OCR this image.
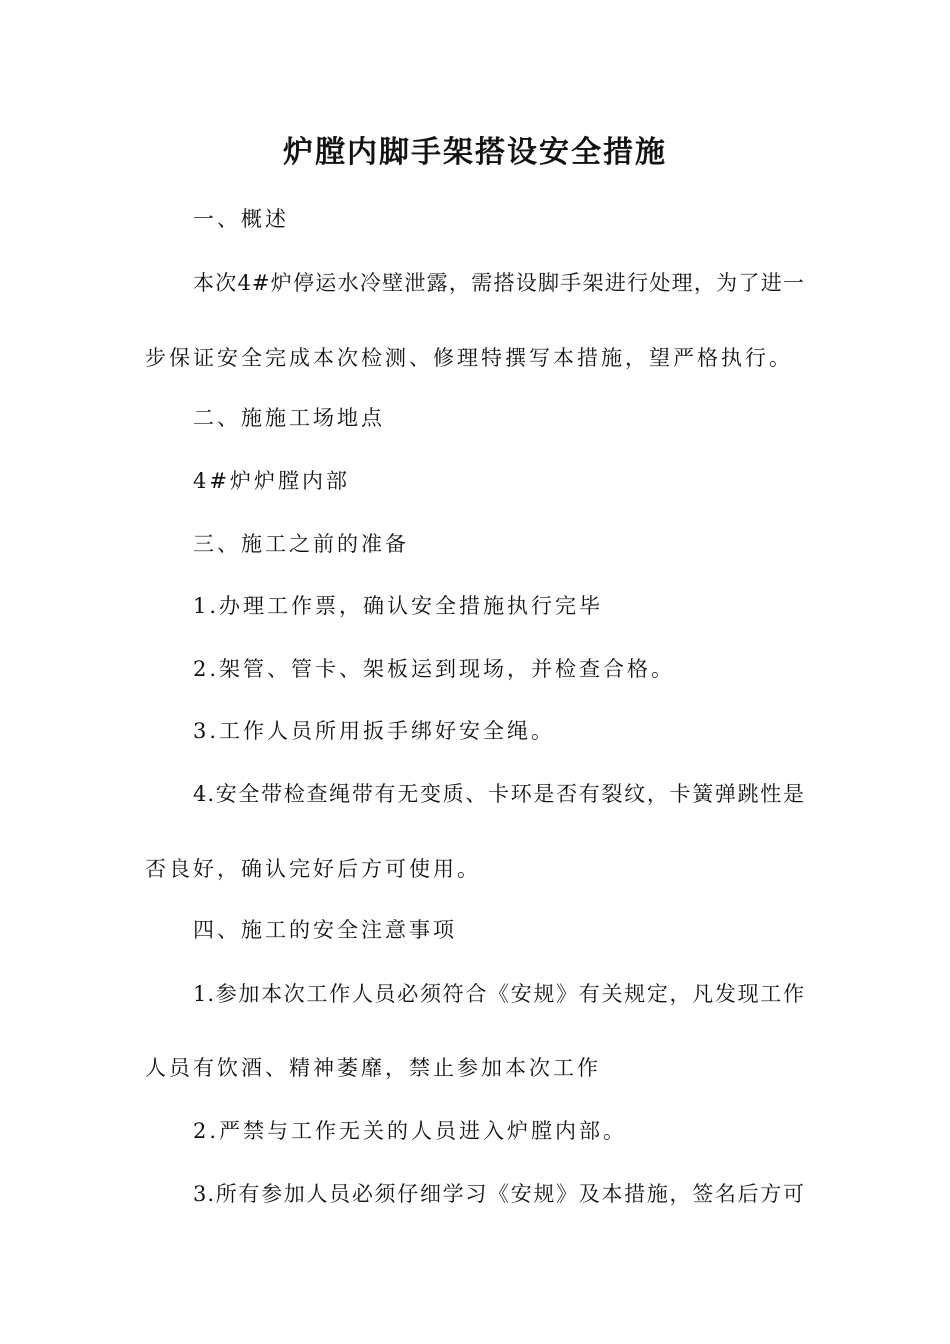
炉膛内脚手架搭设安全措施
一、概述
本次4#炉停运水冷壁泄露，需搭设脚手架进行处理，为了进一
步保证安全完成本次检测、修理特撰写本措施，望严格执行。
二、施施工场地点
4#炉炉膛内部
三、施工之前的准备
1.办理工作票，确认安全措施执行完毕
2.架管、管卡、架板运到现场，并检查合格。
3.工作人员所用扳手绑好安全绳。
4.安全带检查绳带有无变质、卡环是否有裂纹，卡簧弹跳性是
否良好，确认完好后方可使用。
四、施工的安全注意事项
1.参加本次工作人员必须符合《安规》有关规定，凡发现工作
人员有饮酒、精神萎靡，禁止参加本次工作
2.严禁与工作无关的人员进入炉膛内部。
3.所有参加人员必须仔细学习《安规》及本措施，签名后方可
